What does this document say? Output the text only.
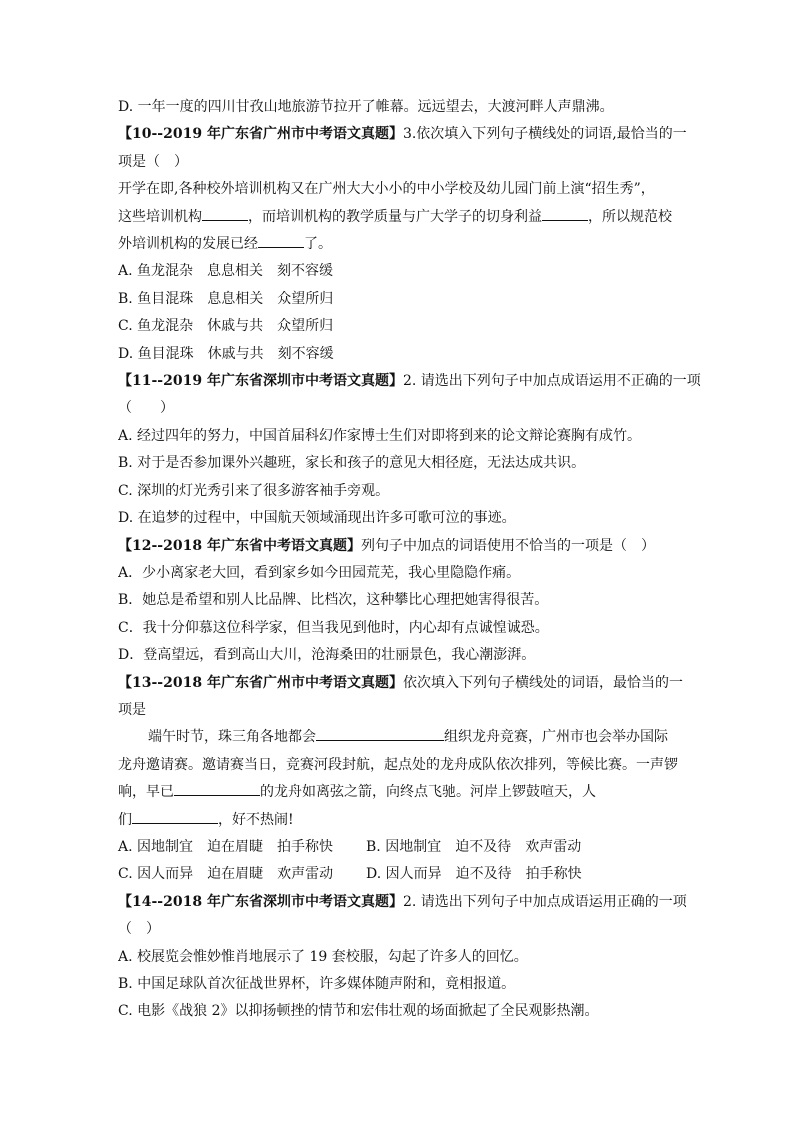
D. 一年一度的四川甘孜山地旅游节拉开了帷幕。远远望去，大渡河畔人声鼎沸。
【10--2019 年广东省广州市中考语文真题】3.依次填入下列句子横线处的词语,最恰当的一
项是（　）
开学在即,各种校外培训机构又在广州大大小小的中小学校及幼儿园门前上演“招生秀”，
这些培训机构	，而培训机构的教学质量与广大学子的切身利益	，所以规范校
外培训机构的发展已经	了。
A. 鱼龙混杂　息息相关　刻不容缓
B. 鱼目混珠　息息相关　众望所归
C. 鱼龙混杂　休戚与共　众望所归
D. 鱼目混珠　休戚与共　刻不容缓
【11--2019 年广东省深圳市中考语文真题】2. 请选出下列句子中加点成语运用不正确的一项
（　　）
A. 经过四年的努力，中国首届科幻作家博士生们对即将到来的论文辩论赛胸有成竹。
B. 对于是否参加课外兴趣班，家长和孩子的意见大相径庭，无法达成共识。
C. 深圳的灯光秀引来了很多游客袖手旁观。
D. 在追梦的过程中，中国航天领域涌现出许多可歌可泣的事迹。
【12--2018 年广东省中考语文真题】列句子中加点的词语使用不恰当的一项是（　）
A．少小离家老大回，看到家乡如今田园荒芜，我心里隐隐作痛。
B．她总是希望和别人比品牌、比档次，这种攀比心理把她害得很苦。
C．我十分仰慕这位科学家，但当我见到他时，内心却有点诚惶诚恐。
D．登高望远，看到高山大川，沧海桑田的壮丽景色，我心潮澎湃。
【13--2018 年广东省广州市中考语文真题】依次填入下列句子横线处的词语，最恰当的一
项是
端午时节，珠三角各地都会	组织龙舟竞赛，广州市也会举办国际
龙舟邀请赛。邀请赛当日，竞赛河段封航，起点处的龙舟成队依次排列，等候比赛。一声锣
响，早已	的龙舟如离弦之箭，向终点飞驰。河岸上锣鼓喧天，人
们	，好不热闹!
A. 因地制宜　迫在眉睫　拍手称快	B. 因地制宜　迫不及待　欢声雷动
C. 因人而异　迫在眉睫　欢声雷动	D. 因人而异　迫不及待　拍手称快
【14--2018 年广东省深圳市中考语文真题】2. 请选出下列句子中加点成语运用正确的一项
（　）
A. 校展览会惟妙惟肖地展示了 19 套校服，勾起了许多人的回忆。
B. 中国足球队首次征战世界杯，许多媒体随声附和，竟相报道。
C. 电影《战狼 2》以抑扬顿挫的情节和宏伟壮观的场面掀起了全民观影热潮。
